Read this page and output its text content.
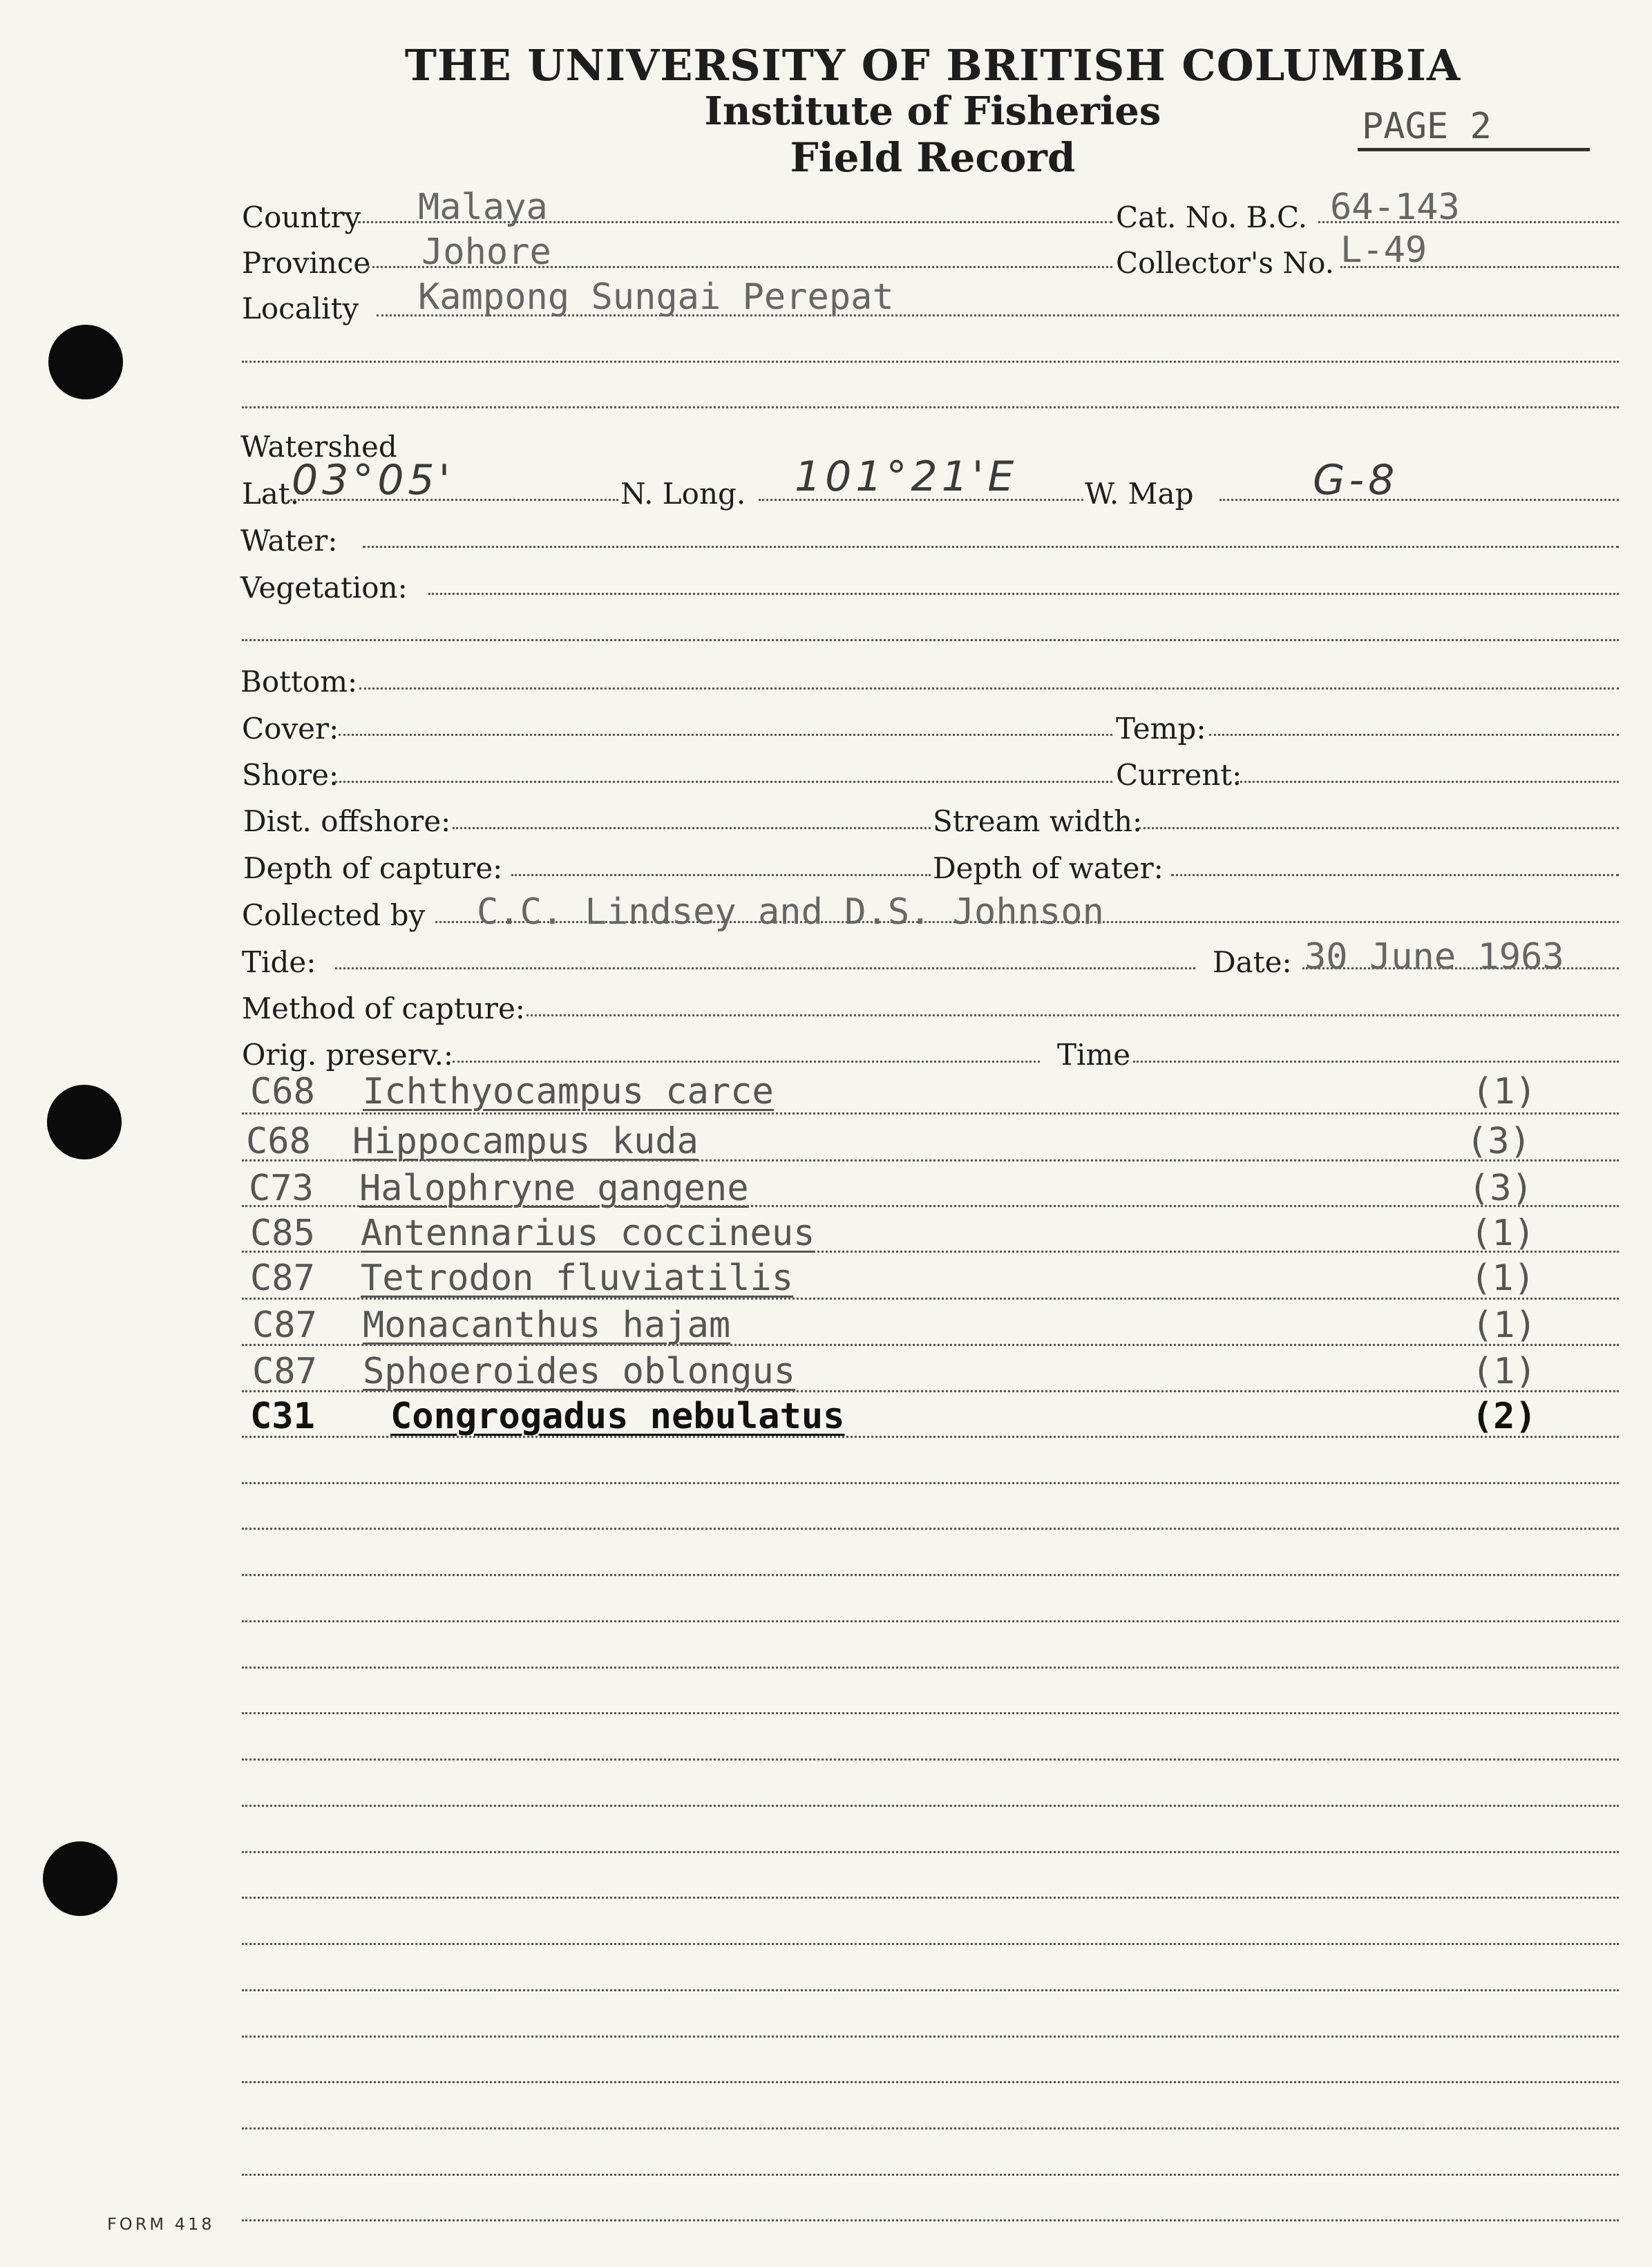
THE UNIVERSITY OF BRITISH COLUMBIA
Institute of Fisheries
Field Record
PAGE 2
Country Malaya	Cat. No. B.C. 64-143
Province Johore	Collector's No. L-49
Locality Kampong Sungai Perepat
Watershed
Lat.
03°05'	N. Long. 101°21'E W. Map	G-8
Water:
Vegetation:
Bottom:
Cover:	Temp:
Shore:	Current:
Dist. offshore:	Stream width:
Depth of capture:	Depth of water:
Collected by C.C. Lindsey and D.S. Johnson
Tide:	Date: 30 June 1963
Method of capture:
Orig. preserv.:	Time
C68 Ichthyocampus carce	(1)
C68 Hippocampus kuda	(3)
C73 Halophryne gangene	(3)
C85 Antennarius coccineus	(1)
C87 Tetrodon fluviatilis	(1)
C87 Monacanthus hajam	(1)
C87 Sphoeroides oblongus	(1)
C31 Congrogadus nebulatus	(2)
FORM 418
